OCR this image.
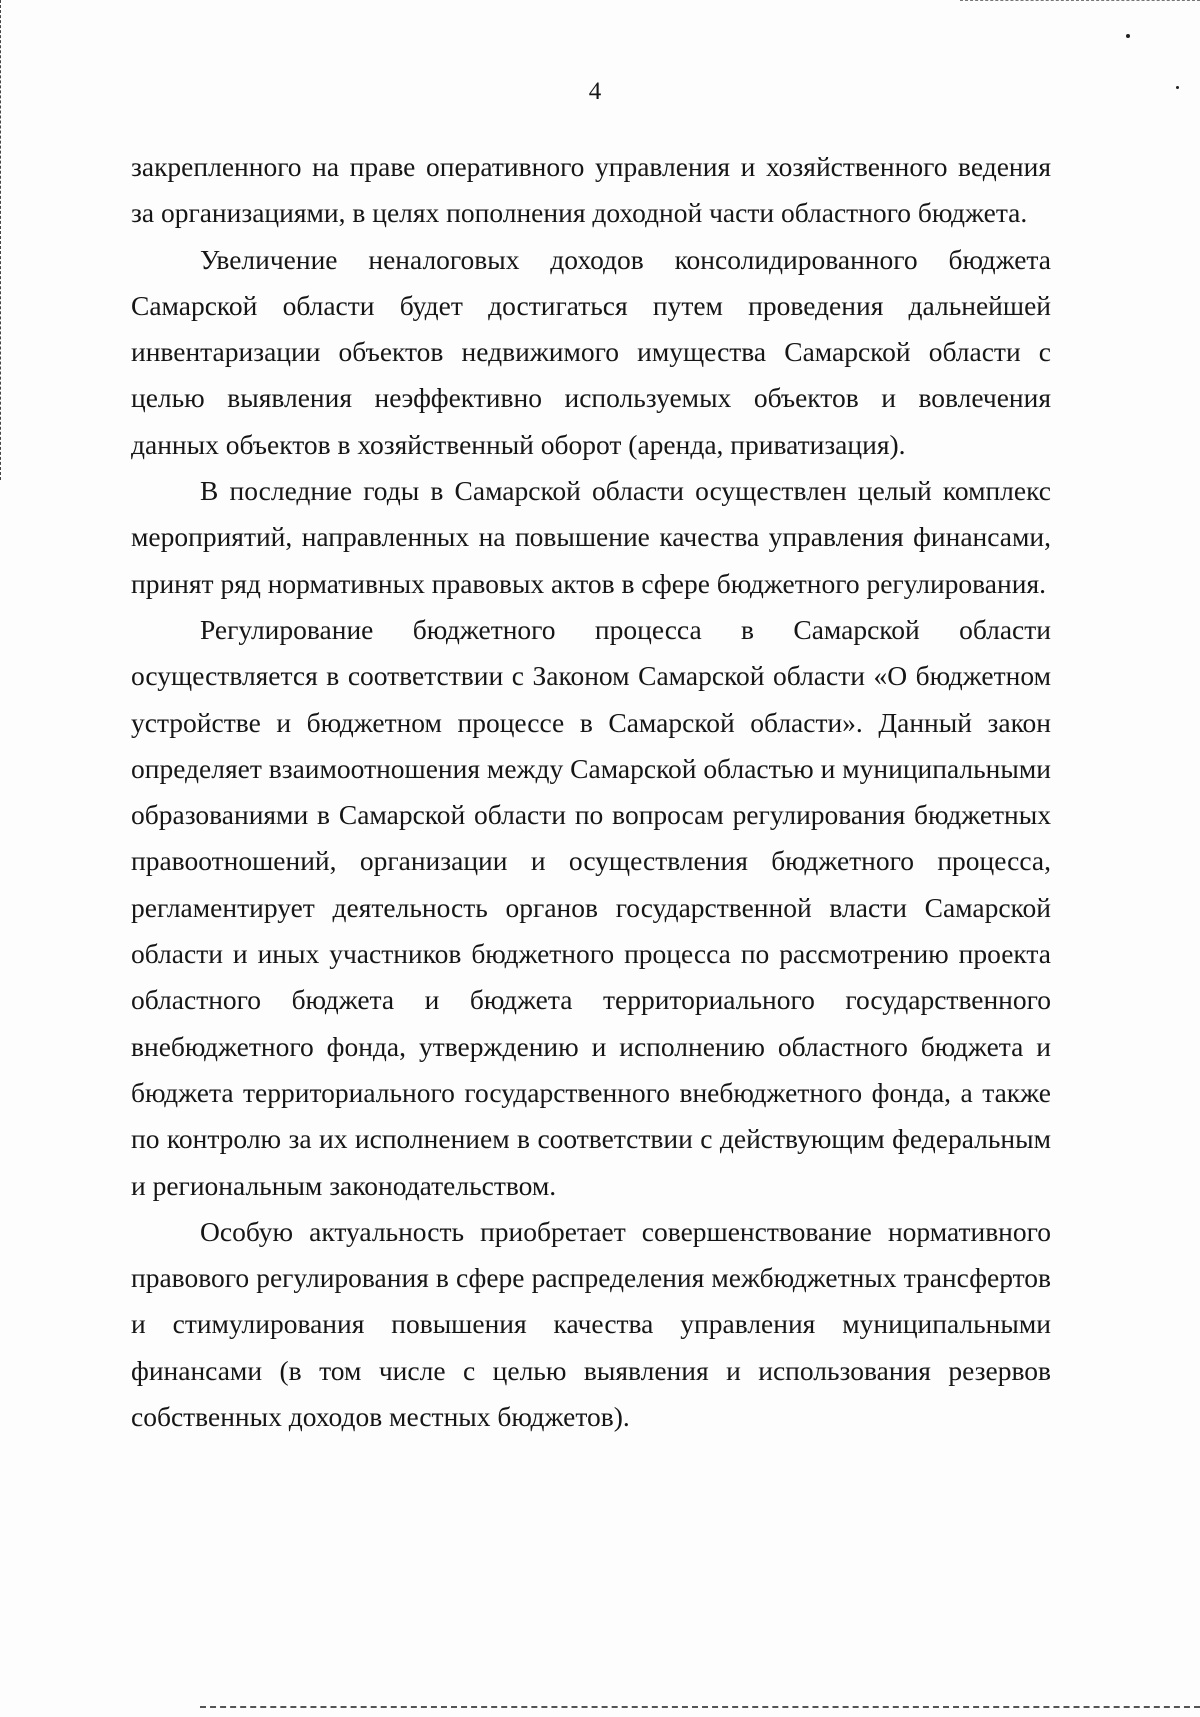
4

закрепленного на праве оперативного управления и хозяйственного ведения за организациями, в целях пополнения доходной части областного бюджета.

Увеличение неналоговых доходов консолидированного бюджета Самарской области будет достигаться путем проведения дальнейшей инвентаризации объектов недвижимого имущества Самарской области с целью выявления неэффективно используемых объектов и вовлечения данных объектов в хозяйственный оборот (аренда, приватизация).

В последние годы в Самарской области осуществлен целый комплекс мероприятий, направленных на повышение качества управления финансами, принят ряд нормативных правовых актов в сфере бюджетного регулирования.

Регулирование бюджетного процесса в Самарской области осуществляется в соответствии с Законом Самарской области «О бюджетном устройстве и бюджетном процессе в Самарской области». Данный закон определяет взаимоотношения между Самарской областью и муниципальными образованиями в Самарской области по вопросам регулирования бюджетных правоотношений, организации и осуществления бюджетного процесса, регламентирует деятельность органов государственной власти Самарской области и иных участников бюджетного процесса по рассмотрению проекта областного бюджета и бюджета территориального государственного внебюджетного фонда, утверждению и исполнению областного бюджета и бюджета территориального государственного внебюджетного фонда, а также по контролю за их исполнением в соответствии с действующим федеральным и региональным законодательством.

Особую актуальность приобретает совершенствование нормативного правового регулирования в сфере распределения межбюджетных трансфертов и стимулирования повышения качества управления муниципальными финансами (в том числе с целью выявления и использования резервов собственных доходов местных бюджетов).
